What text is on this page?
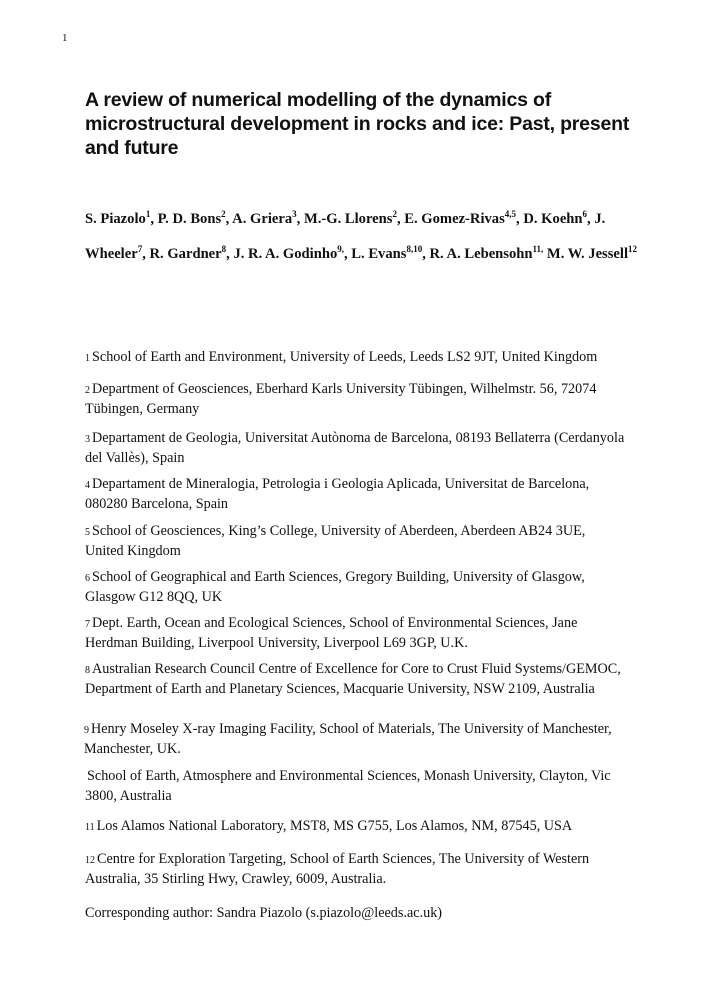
1
A review of numerical modelling of the dynamics of microstructural development in rocks and ice: Past, present and future
S. Piazolo$^1$, P. D. Bons$^2$, A. Griera$^3$, M.-G. Llorens$^2$, E. Gomez-Rivas$^{4,5}$, D. Koehn$^6$, J. Wheeler$^7$, R. Gardner$^8$, J. R. A. Godinho$^{9,}$, L. Evans$^{8,10}$, R. A. Lebensohn$^{11,}$ M. W. Jessell$^{12}$
1 School of Earth and Environment, University of Leeds, Leeds LS2 9JT, United Kingdom
2 Department of Geosciences, Eberhard Karls University Tübingen, Wilhelmstr. 56, 72074 Tübingen, Germany
3 Departament de Geologia, Universitat Autònoma de Barcelona, 08193 Bellaterra (Cerdanyola del Vallès), Spain
4 Departament de Mineralogia, Petrologia i Geologia Aplicada, Universitat de Barcelona, 080280 Barcelona, Spain
5 School of Geosciences, King’s College, University of Aberdeen, Aberdeen AB24 3UE, United Kingdom
6 School of Geographical and Earth Sciences, Gregory Building, University of Glasgow, Glasgow G12 8QQ, UK
7 Dept. Earth, Ocean and Ecological Sciences, School of Environmental Sciences, Jane Herdman Building, Liverpool University, Liverpool L69 3GP, U.K.
8 Australian Research Council Centre of Excellence for Core to Crust Fluid Systems/GEMOC, Department of Earth and Planetary Sciences, Macquarie University, NSW 2109, Australia
9 Henry Moseley X-ray Imaging Facility, School of Materials, The University of Manchester, Manchester, UK.
School of Earth, Atmosphere and Environmental Sciences, Monash University, Clayton, Vic 3800, Australia
11 Los Alamos National Laboratory, MST8, MS G755, Los Alamos, NM, 87545, USA
12 Centre for Exploration Targeting, School of Earth Sciences, The University of Western Australia, 35 Stirling Hwy, Crawley, 6009, Australia.
Corresponding author: Sandra Piazolo (s.piazolo@leeds.ac.uk)
